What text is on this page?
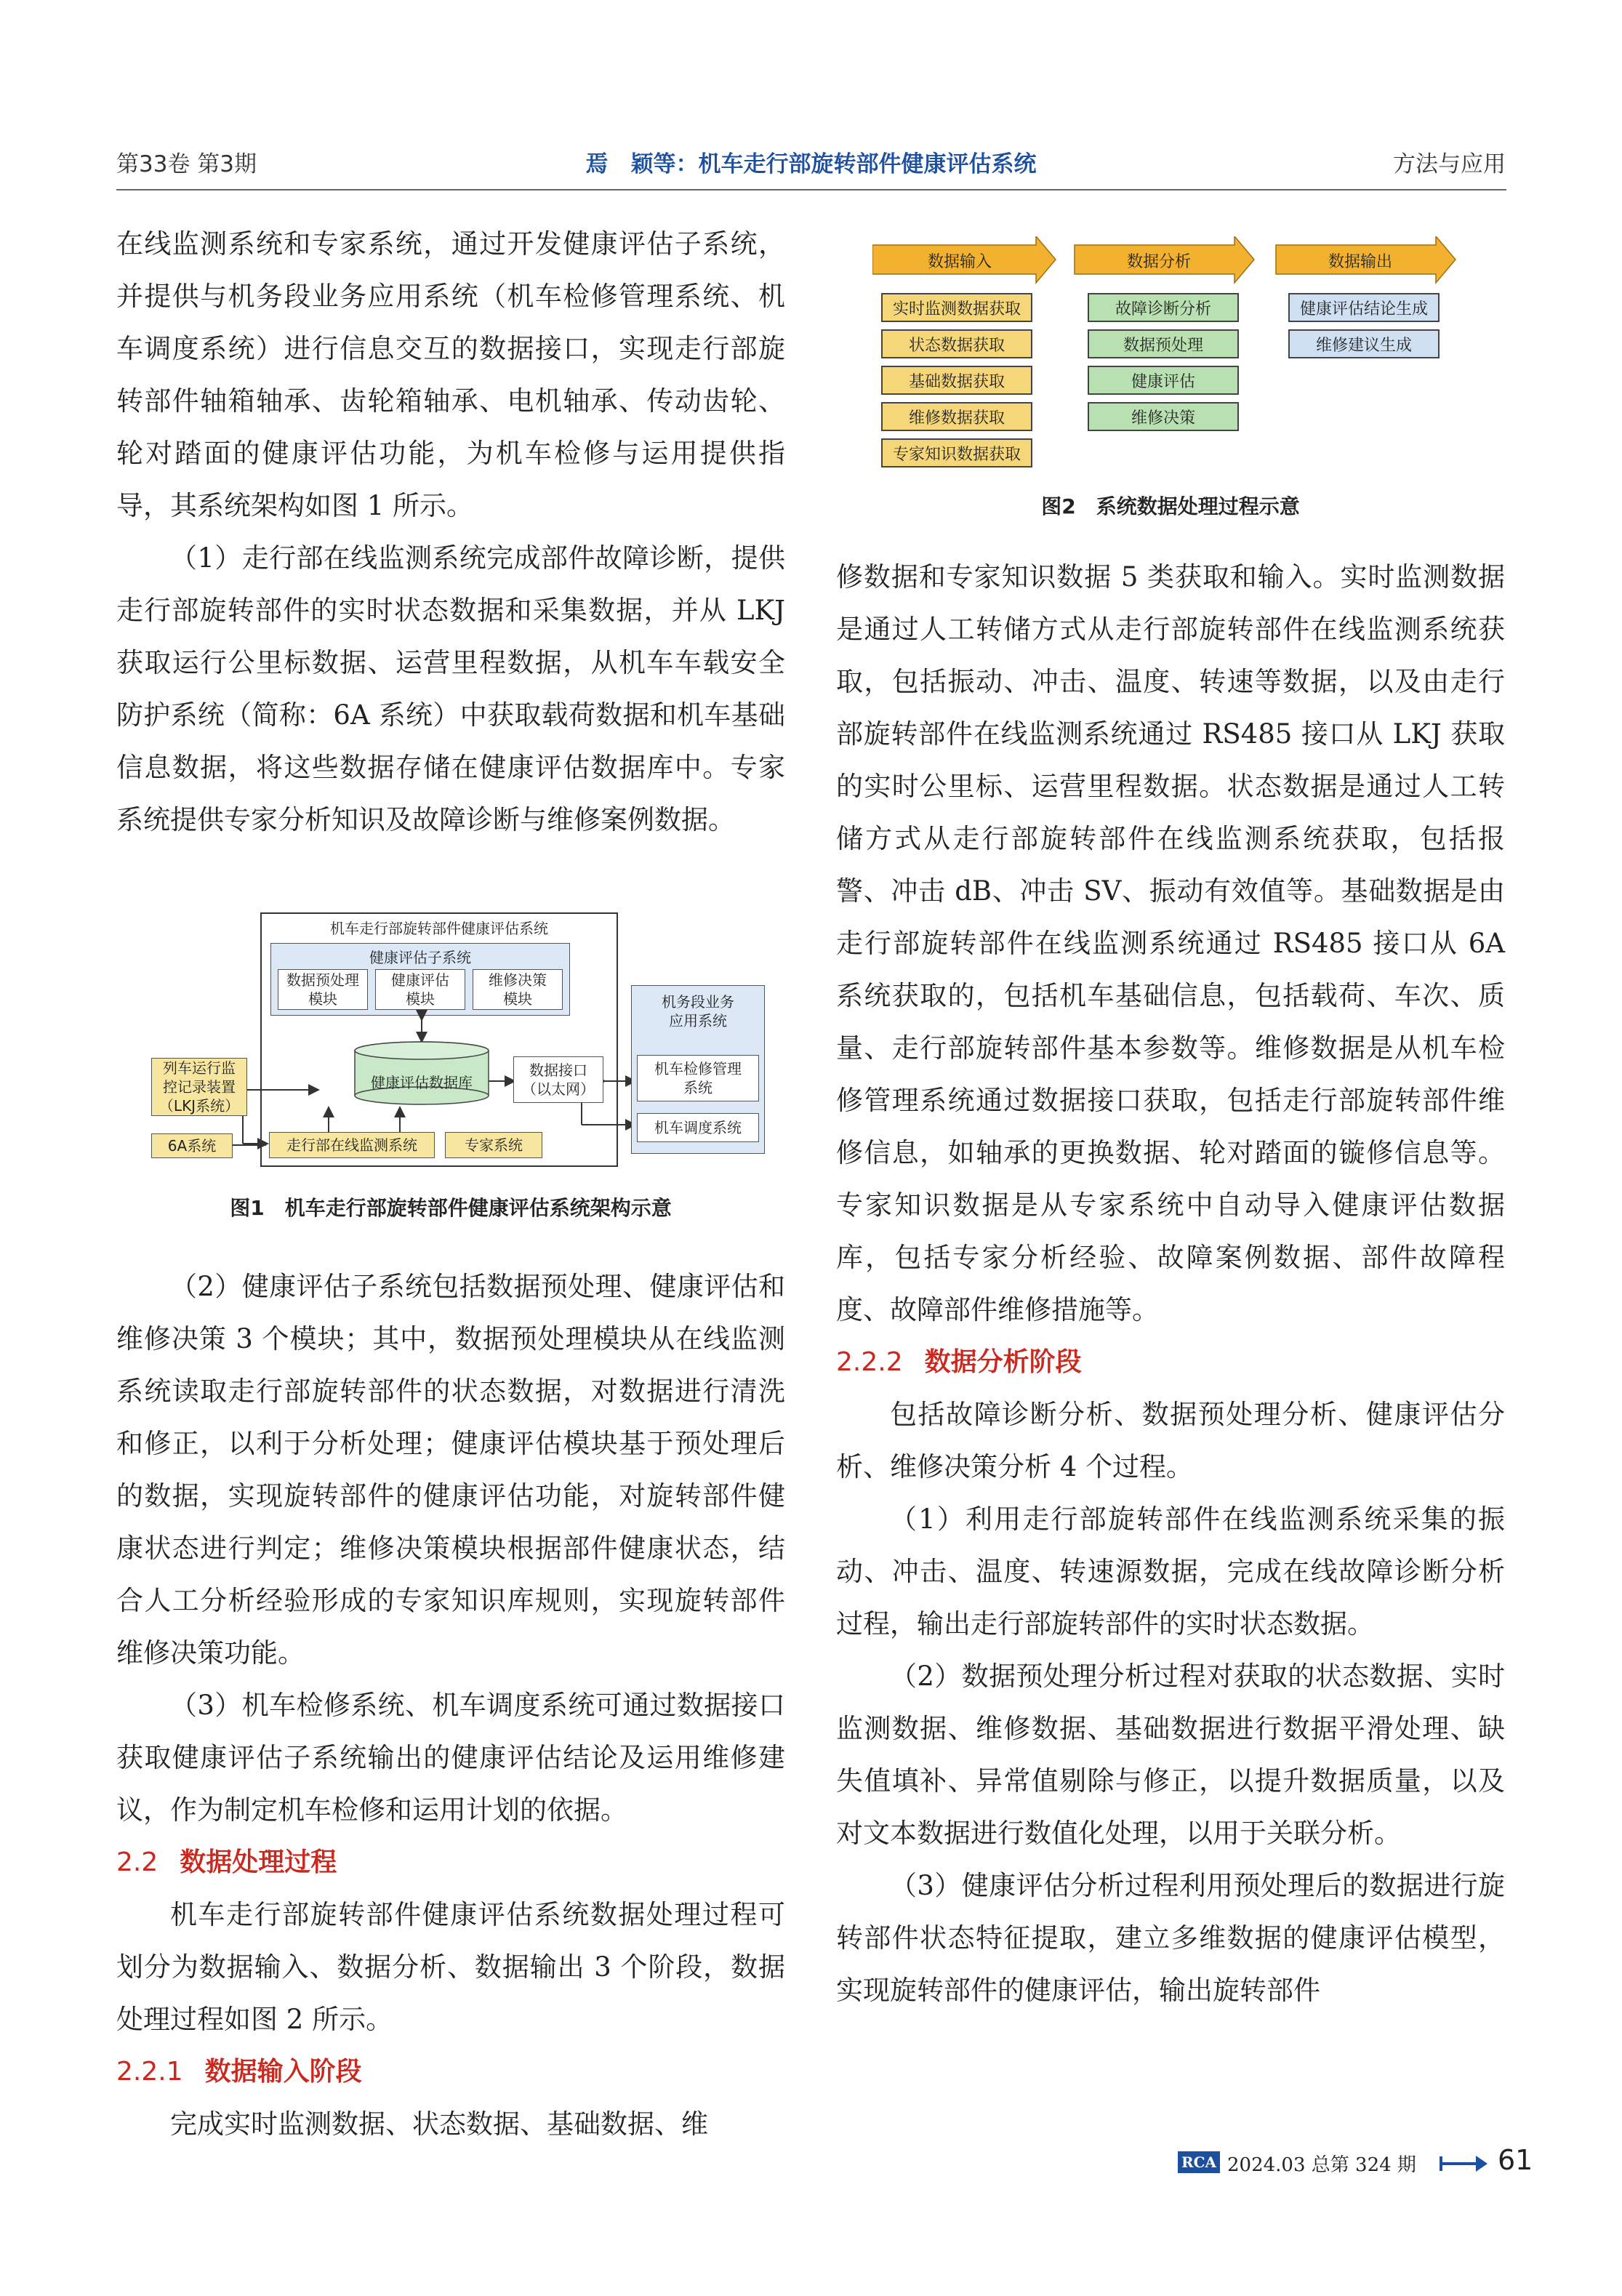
第33卷 第3期	焉　颖等：机车走行部旋转部件健康评估系统	方法与应用

在线监测系统和专家系统，通过开发健康评估子系统，并提供与机务段业务应用系统（机车检修管理系统、机车调度系统）进行信息交互的数据接口，实现走行部旋转部件轴箱轴承、齿轮箱轴承、电机轴承、传动齿轮、轮对踏面的健康评估功能，为机车检修与运用提供指导，其系统架构如图 1 所示。

（1）走行部在线监测系统完成部件故障诊断，提供走行部旋转部件的实时状态数据和采集数据，并从 LKJ 获取运行公里标数据、运营里程数据，从机车车载安全防护系统（简称：6A 系统）中获取载荷数据和机车基础信息数据，将这些数据存储在健康评估数据库中。专家系统提供专家分析知识及故障诊断与维修案例数据。

机车走行部旋转部件健康评估系统
健康评估子系统
数据预处理
模块
健康评估
模块
维修决策
模块
健康评估数据库
数据接口
（以太网）
列车运行监
控记录装置
（LKJ系统）
6A系统	走行部在线监测系统	专家系统
机务段业务
应用系统
机车检修管理
系统
机车调度系统
图1　机车走行部旋转部件健康评估系统架构示意

（2）健康评估子系统包括数据预处理、健康评估和维修决策 3 个模块；其中，数据预处理模块从在线监测系统读取走行部旋转部件的状态数据，对数据进行清洗和修正，以利于分析处理；健康评估模块基于预处理后的数据，实现旋转部件的健康评估功能，对旋转部件健康状态进行判定；维修决策模块根据部件健康状态，结合人工分析经验形成的专家知识库规则，实现旋转部件维修决策功能。

（3）机车检修系统、机车调度系统可通过数据接口获取健康评估子系统输出的健康评估结论及运用维修建议，作为制定机车检修和运用计划的依据。

2.2 数据处理过程

机车走行部旋转部件健康评估系统数据处理过程可划分为数据输入、数据分析、数据输出 3 个阶段，数据处理过程如图 2 所示。

2.2.1 数据输入阶段

完成实时监测数据、状态数据、基础数据、维

数据输入	数据分析	数据输出
实时监测数据获取
状态数据获取
基础数据获取
维修数据获取
专家知识数据获取
故障诊断分析
数据预处理
健康评估
维修决策
健康评估结论生成
维修建议生成
图2　系统数据处理过程示意

修数据和专家知识数据 5 类获取和输入。实时监测数据是通过人工转储方式从走行部旋转部件在线监测系统获取，包括振动、冲击、温度、转速等数据，以及由走行部旋转部件在线监测系统通过 RS485 接口从 LKJ 获取的实时公里标、运营里程数据。状态数据是通过人工转储方式从走行部旋转部件在线监测系统获取，包括报警、冲击 dB、冲击 SV、振动有效值等。基础数据是由走行部旋转部件在线监测系统通过 RS485 接口从 6A 系统获取的，包括机车基础信息，包括载荷、车次、质量、走行部旋转部件基本参数等。维修数据是从机车检修管理系统通过数据接口获取，包括走行部旋转部件维修信息，如轴承的更换数据、轮对踏面的镟修信息等。专家知识数据是从专家系统中自动导入健康评估数据库，包括专家分析经验、故障案例数据、部件故障程度、故障部件维修措施等。

2.2.2 数据分析阶段

包括故障诊断分析、数据预处理分析、健康评估分析、维修决策分析 4 个过程。

（1）利用走行部旋转部件在线监测系统采集的振动、冲击、温度、转速源数据，完成在线故障诊断分析过程，输出走行部旋转部件的实时状态数据。

（2）数据预处理分析过程对获取的状态数据、实时监测数据、维修数据、基础数据进行数据平滑处理、缺失值填补、异常值剔除与修正，以提升数据质量，以及对文本数据进行数值化处理，以用于关联分析。

（3）健康评估分析过程利用预处理后的数据进行旋转部件状态特征提取，建立多维数据的健康评估模型，实现旋转部件的健康评估，输出旋转部件

RCA 2024.03 总第 324 期	61
